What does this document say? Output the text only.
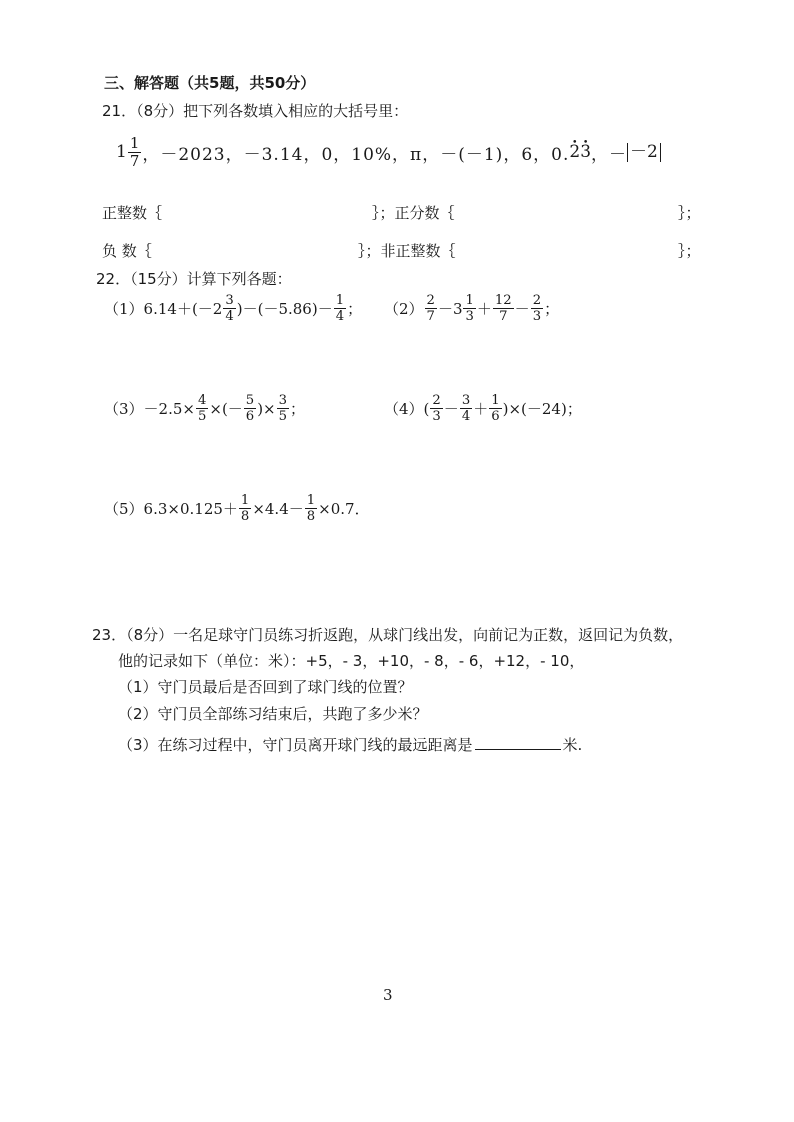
三、解答题（共5题，共50分）
21．（8分）把下列各数填入相应的大括号里：
$1 \frac{1}{7}$ ，－2023，－3.14，0，10%，π，－(－1)，6，0. • 2 • 3 ，－ －2
正整数｛	｝；正分数｛	｝；
负 数｛	｝；非正整数｛	｝；
22．（15分）计算下列各题：
（1） $6.14+(-2 \frac{3}{4} )-(-5.86)- \frac{1}{4}$ ； $(2) \frac{2}{7} -3 \frac{1}{3} + \frac{12}{7} - \frac{2}{3}$ ；
$(3) -2.5\times \frac{4}{5}$ ×(－ $\frac{5}{6}$ )× $\frac{3}{5}$ ；	（4） ( $\frac{2}{3} - \frac{3}{4} + \frac{1}{6} )\times(-24)$；
（5） $6.3\times 0.125+ \frac{1}{8} \times 4.4- \frac{1}{8} \times 0.7$．
23．（8分）一名足球守门员练习折返跑，从球门线出发，向前记为正数，返回记为负数，
他的记录如下（单位：米）：+5，- 3，+10，- 8，- 6，+12，- 10，
（1）守门员最后是否回到了球门线的位置？
（2）守门员全部练习结束后，共跑了多少米？
（3）在练习过程中，守门员离开球门线的最远距离是	米.
3
